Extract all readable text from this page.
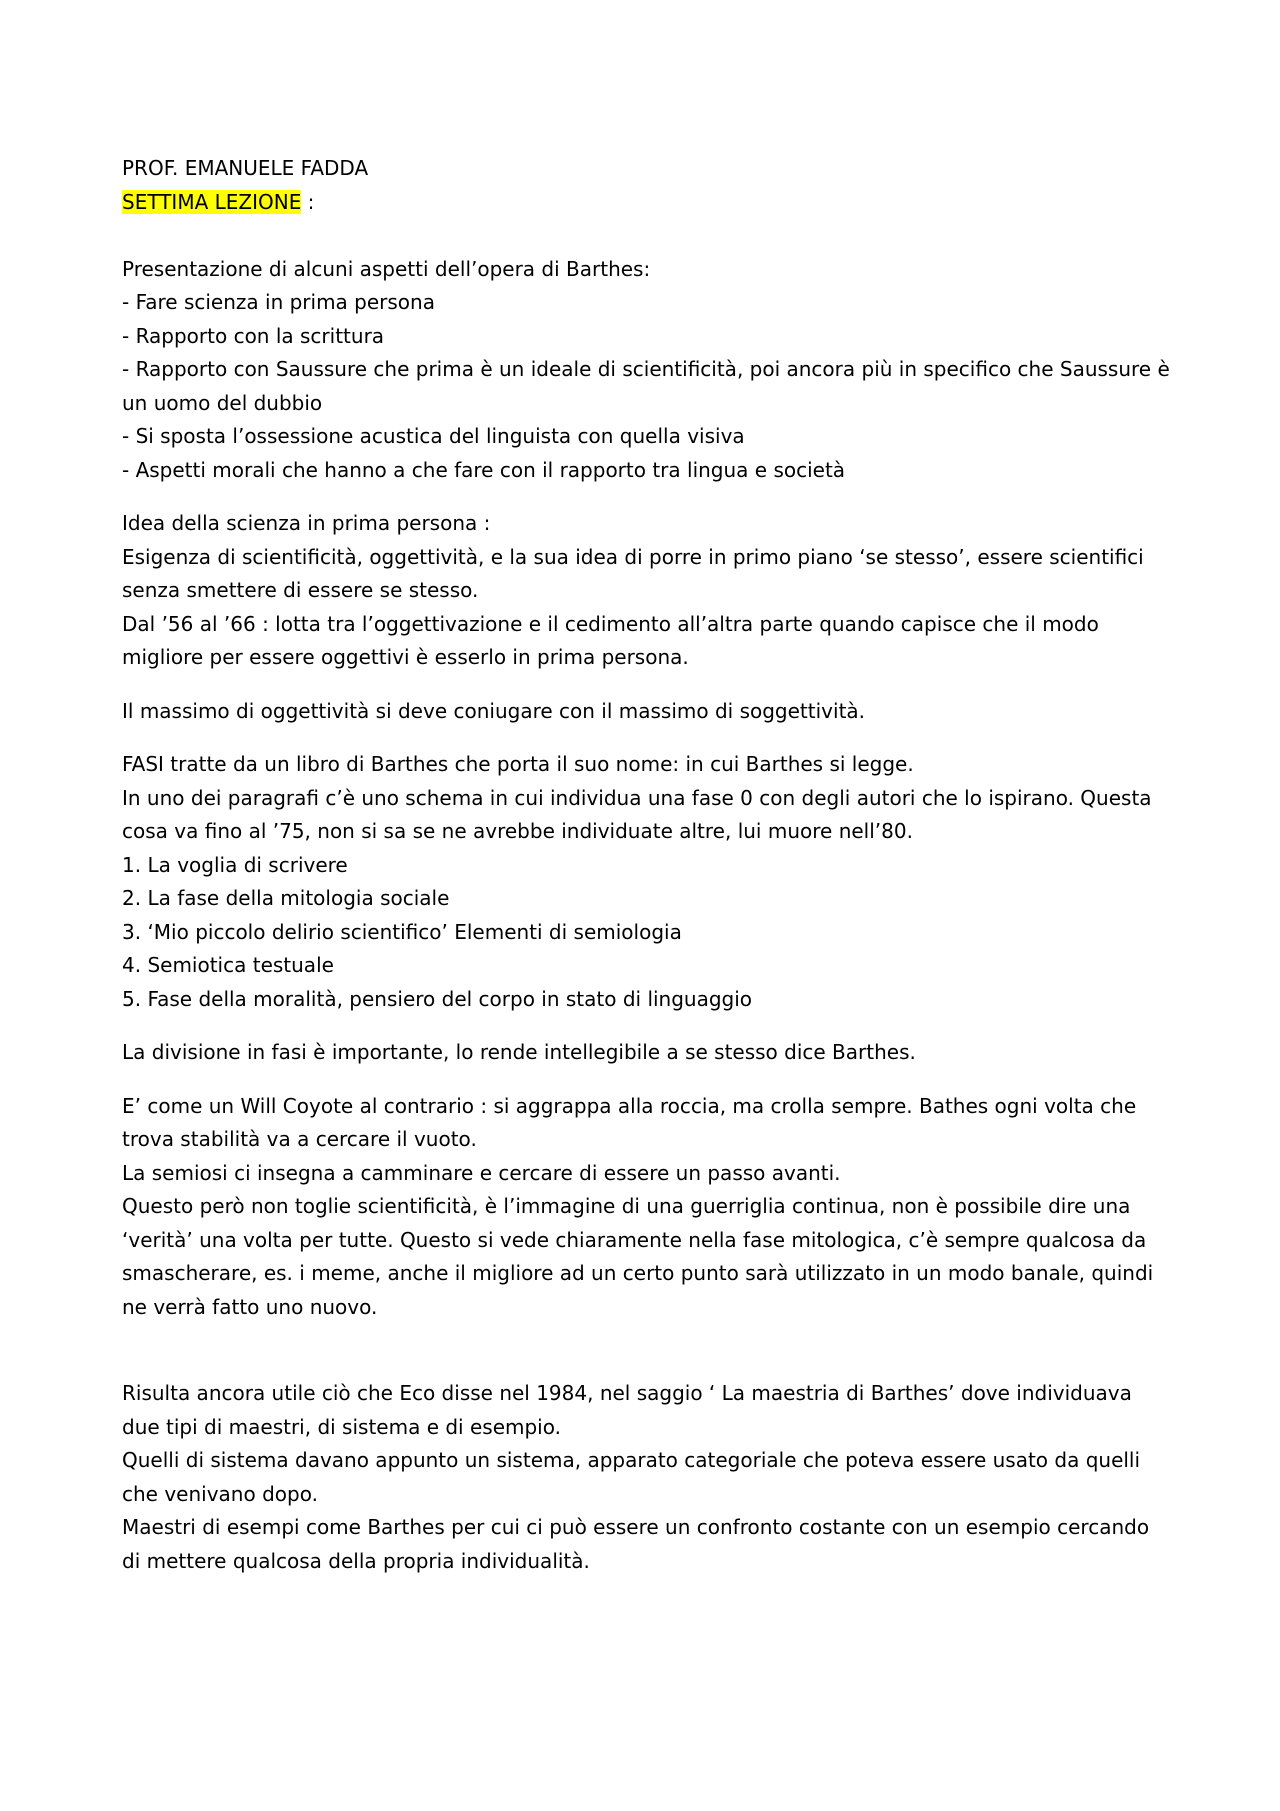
PROF. EMANUELE FADDA

SETTIMA LEZIONE :

Presentazione di alcuni aspetti dell’opera di Barthes:

- Fare scienza in prima persona

- Rapporto con la scrittura

- Rapporto con Saussure che prima è un ideale di scientificità, poi ancora più in specifico che Saussure è un uomo del dubbio

- Si sposta l’ossessione acustica del linguista con quella visiva

- Aspetti morali che hanno a che fare con il rapporto tra lingua e società

Idea della scienza in prima persona :

Esigenza di scientificità, oggettività, e la sua idea di porre in primo piano ‘se stesso’, essere scientifici senza smettere di essere se stesso.

Dal ’56 al ’66 : lotta tra l’oggettivazione e il cedimento all’altra parte quando capisce che il modo migliore per essere oggettivi è esserlo in prima persona.

Il massimo di oggettività si deve coniugare con il massimo di soggettività.

FASI tratte da un libro di Barthes che porta il suo nome: in cui Barthes si legge.

In uno dei paragrafi c’è uno schema in cui individua una fase 0 con degli autori che lo ispirano. Questa cosa va fino al ’75, non si sa se ne avrebbe individuate altre, lui muore nell’80.

1. La voglia di scrivere

2. La fase della mitologia sociale

3. ‘Mio piccolo delirio scientifico’ Elementi di semiologia

4. Semiotica testuale

5. Fase della moralità, pensiero del corpo in stato di linguaggio

La divisione in fasi è importante, lo rende intellegibile a se stesso dice Barthes.

E’ come un Will Coyote al contrario : si aggrappa alla roccia, ma crolla sempre. Bathes ogni volta che trova stabilità va a cercare il vuoto.

La semiosi ci insegna a camminare e cercare di essere un passo avanti.

Questo però non toglie scientificità, è l’immagine di una guerriglia continua, non è possibile dire una ‘verità’ una volta per tutte. Questo si vede chiaramente nella fase mitologica, c’è sempre qualcosa da smascherare, es. i meme, anche il migliore ad un certo punto sarà utilizzato in un modo banale, quindi ne verrà fatto uno nuovo.

Risulta ancora utile ciò che Eco disse nel 1984, nel saggio ‘ La maestria di Barthes’ dove individuava due tipi di maestri, di sistema e di esempio.

Quelli di sistema davano appunto un sistema, apparato categoriale che poteva essere usato da quelli che venivano dopo.

Maestri di esempi come Barthes per cui ci può essere un confronto costante con un esempio cercando di mettere qualcosa della propria individualità.
